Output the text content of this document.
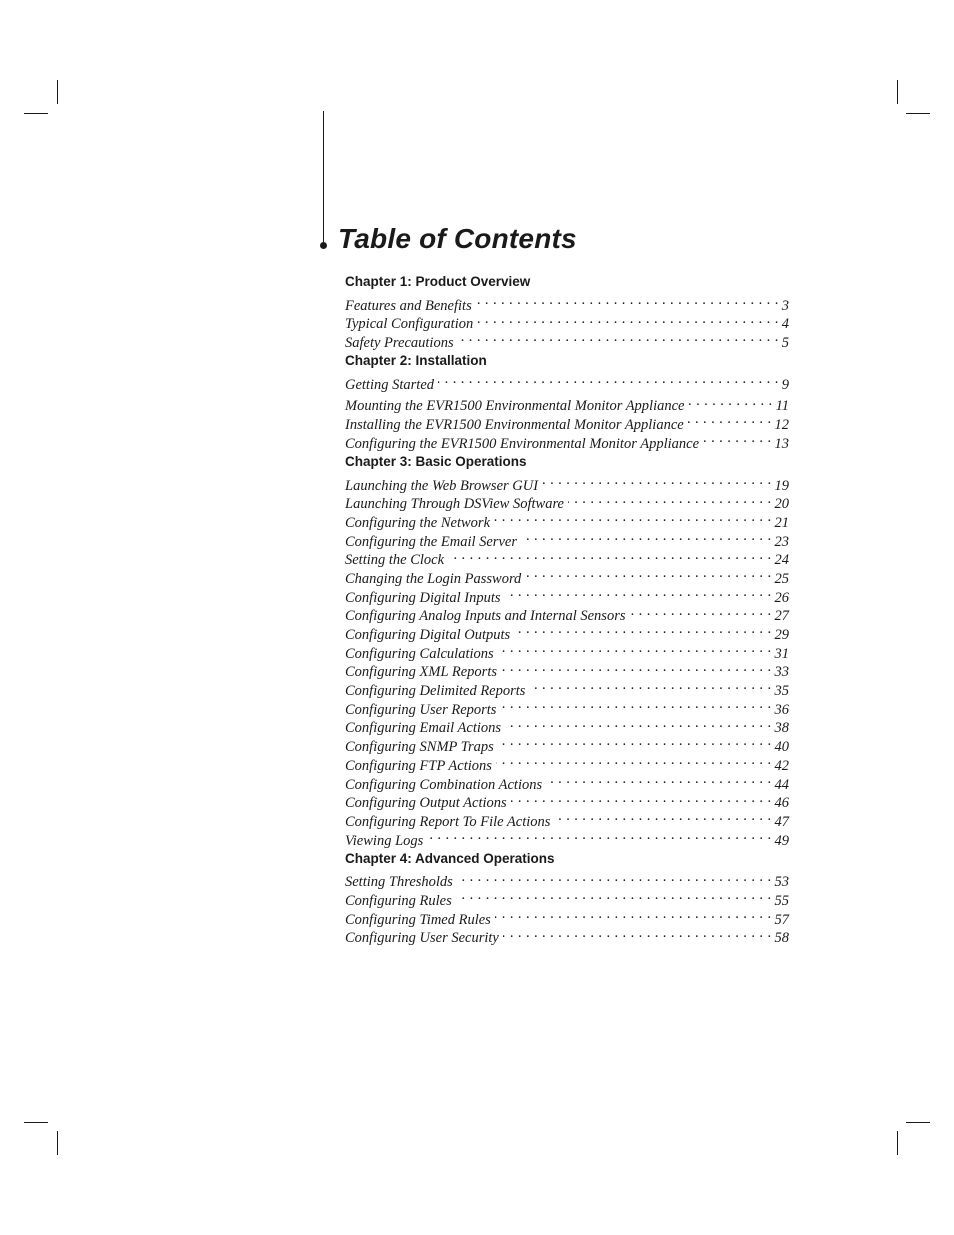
Table of Contents
Chapter 1: Product Overview
Features and Benefits . . .	3
Typical Configuration . . .	4
Safety Precautions . . .	5
Chapter 2: Installation
Getting Started . . .	9
Mounting the EVR1500 Environmental Monitor Appliance . . .	11
Installing the EVR1500 Environmental Monitor Appliance . . .	12
Configuring the EVR1500 Environmental Monitor Appliance . . .	13
Chapter 3: Basic Operations
Launching the Web Browser GUI . . .	19
Launching Through DSView Software . . .	20
Configuring the Network . . .	21
Configuring the Email Server . . .	23
Setting the Clock . . .	24
Changing the Login Password . . .	25
Configuring Digital Inputs . . .	26
Configuring Analog Inputs and Internal Sensors . . .	27
Configuring Digital Outputs . . .	29
Configuring Calculations . . .	31
Configuring XML Reports . . .	33
Configuring Delimited Reports . . .	35
Configuring User Reports . . .	36
Configuring Email Actions . . .	38
Configuring SNMP Traps . . .	40
Configuring FTP Actions . . .	42
Configuring Combination Actions . . .	44
Configuring Output Actions . . .	46
Configuring Report To File Actions . . .	47
Viewing Logs . . .	49
Chapter 4: Advanced Operations
Setting Thresholds . . .	53
Configuring Rules . . .	55
Configuring Timed Rules . . .	57
Configuring User Security . . .	58
